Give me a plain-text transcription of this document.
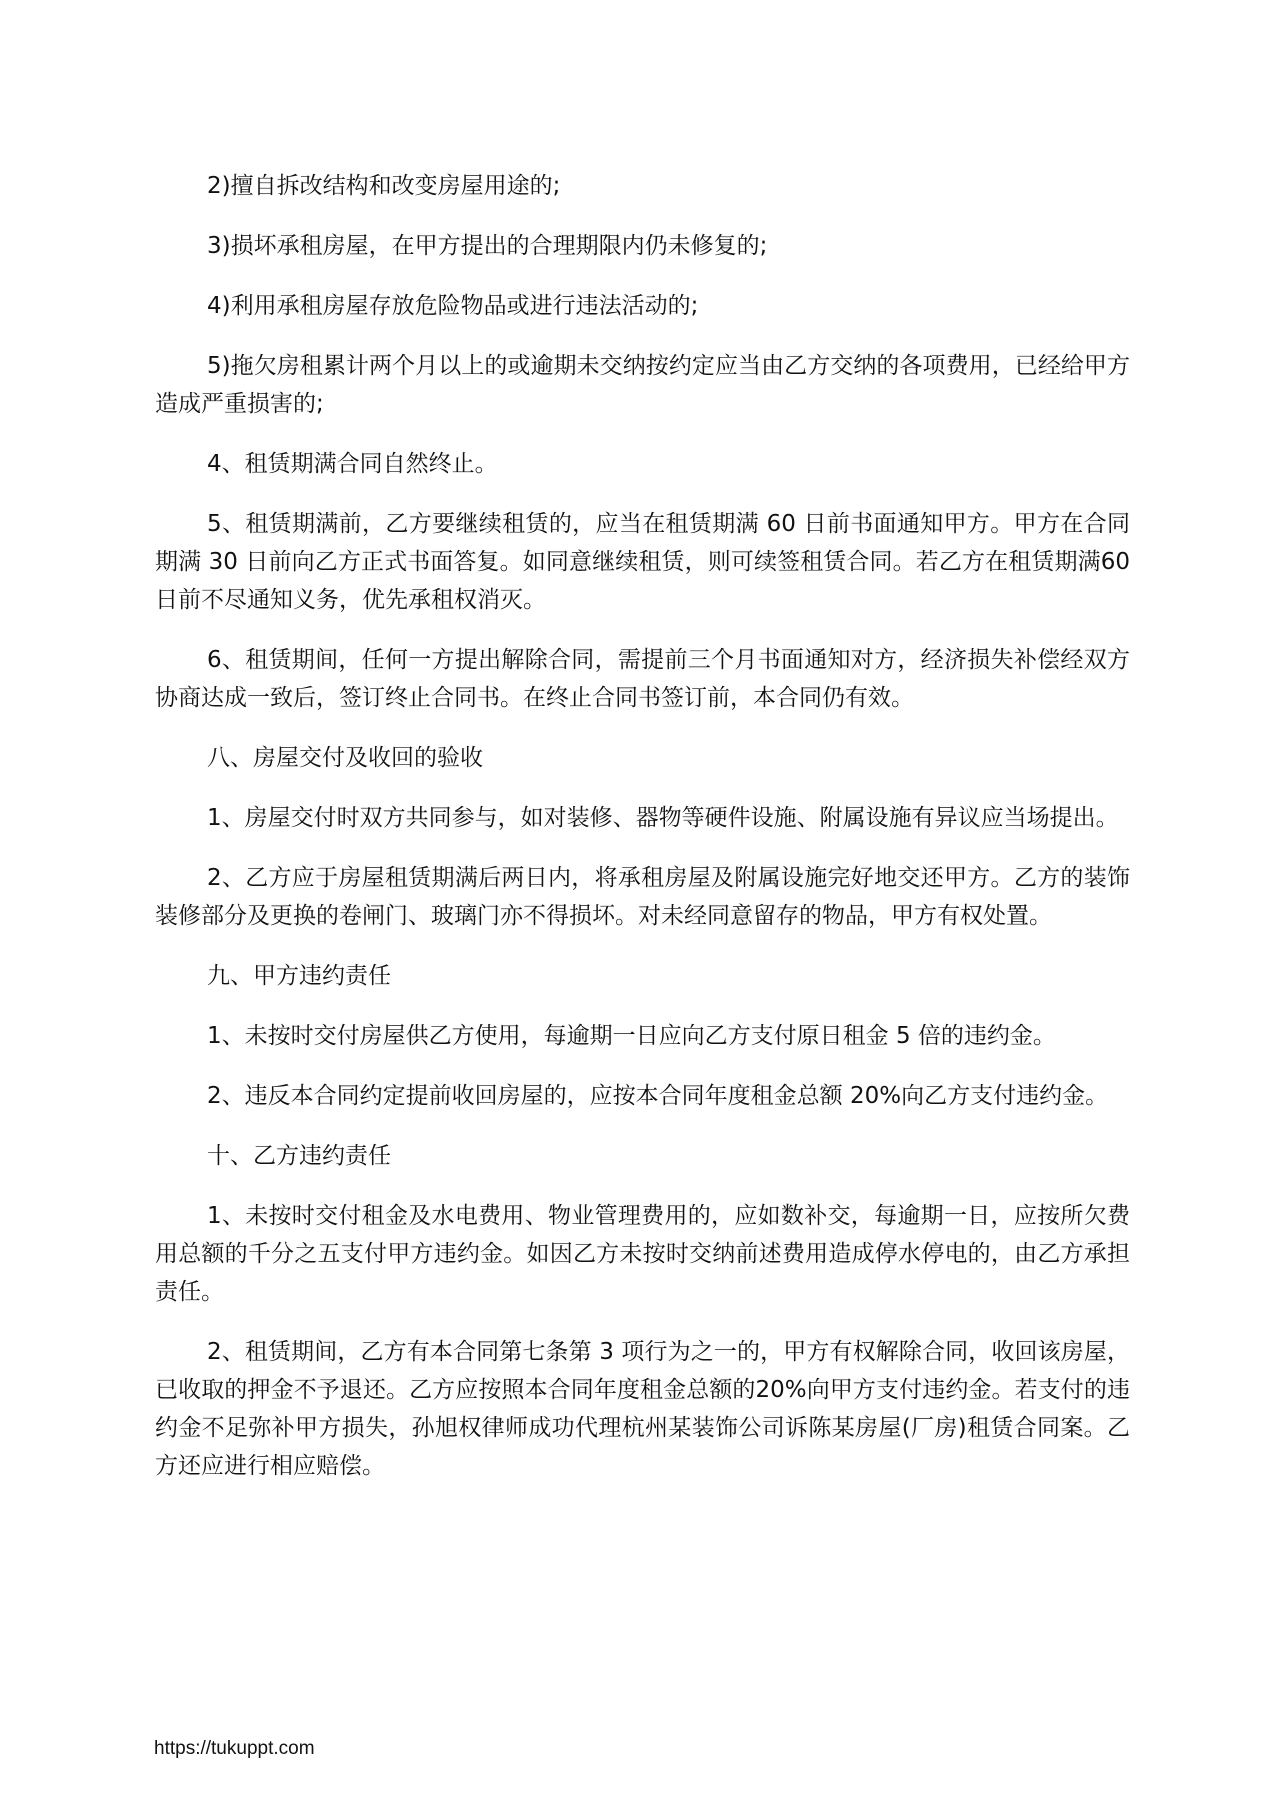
2)擅自拆改结构和改变房屋用途的;

3)损坏承租房屋，在甲方提出的合理期限内仍未修复的;

4)利用承租房屋存放危险物品或进行违法活动的;

5)拖欠房租累计两个月以上的或逾期未交纳按约定应当由乙方交纳的各项费用，已经给甲方造成严重损害的;

4、租赁期满合同自然终止。

5、租赁期满前，乙方要继续租赁的，应当在租赁期满 60 日前书面通知甲方。甲方在合同期满 30 日前向乙方正式书面答复。如同意继续租赁，则可续签租赁合同。若乙方在租赁期满60日前不尽通知义务，优先承租权消灭。

6、租赁期间，任何一方提出解除合同，需提前三个月书面通知对方，经济损失补偿经双方协商达成一致后，签订终止合同书。在终止合同书签订前，本合同仍有效。

八、房屋交付及收回的验收

1、房屋交付时双方共同参与，如对装修、器物等硬件设施、附属设施有异议应当场提出。

2、乙方应于房屋租赁期满后两日内，将承租房屋及附属设施完好地交还甲方。乙方的装饰装修部分及更换的卷闸门、玻璃门亦不得损坏。对未经同意留存的物品，甲方有权处置。

九、甲方违约责任

1、未按时交付房屋供乙方使用，每逾期一日应向乙方支付原日租金 5 倍的违约金。

2、违反本合同约定提前收回房屋的，应按本合同年度租金总额 20%向乙方支付违约金。

十、乙方违约责任

1、未按时交付租金及水电费用、物业管理费用的，应如数补交，每逾期一日，应按所欠费用总额的千分之五支付甲方违约金。如因乙方未按时交纳前述费用造成停水停电的，由乙方承担责任。

2、租赁期间，乙方有本合同第七条第 3 项行为之一的，甲方有权解除合同，收回该房屋，已收取的押金不予退还。乙方应按照本合同年度租金总额的20%向甲方支付违约金。若支付的违约金不足弥补甲方损失，孙旭权律师成功代理杭州某装饰公司诉陈某房屋(厂房)租赁合同案。乙方还应进行相应赔偿。

https://tukuppt.com
